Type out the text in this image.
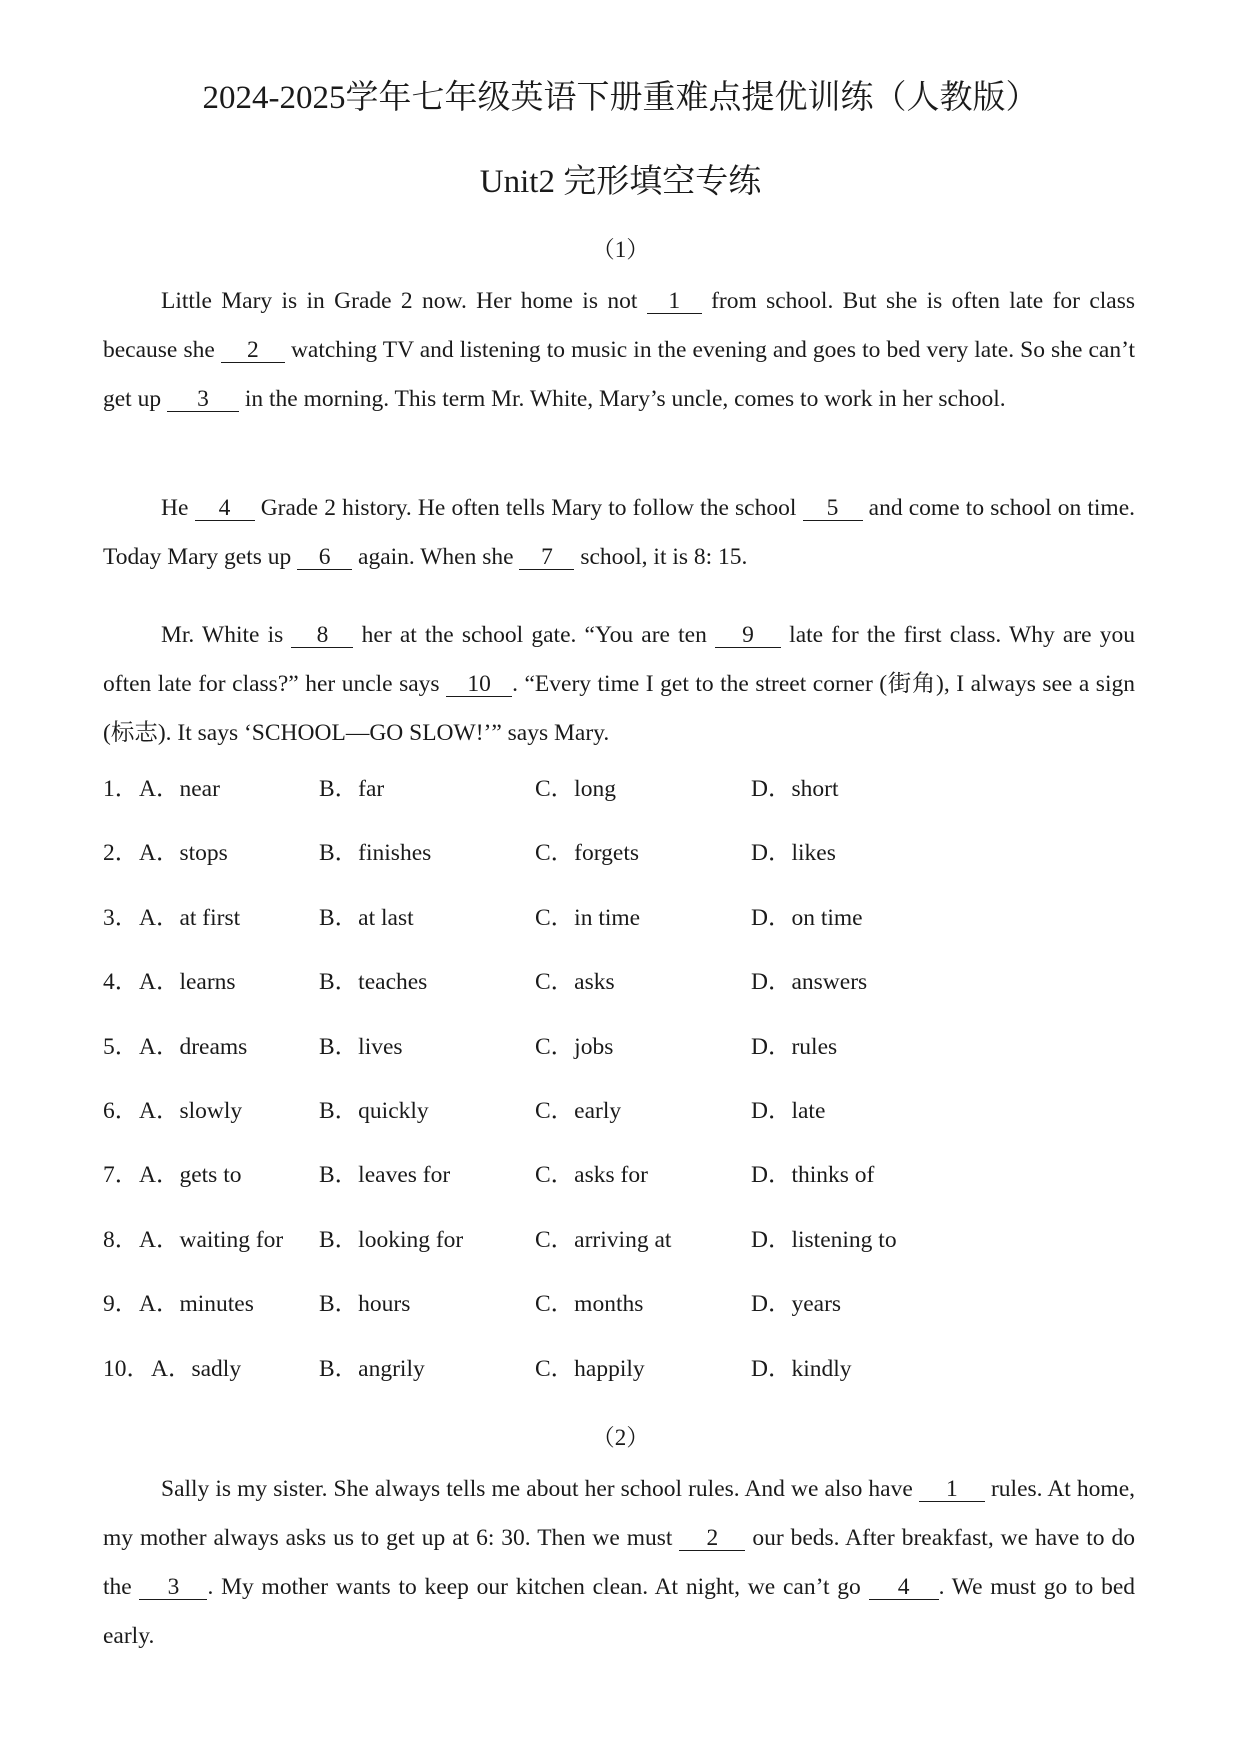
2024-2025学年七年级英语下册重难点提优训练（人教版）
Unit2 完形填空专练
（1）

Little Mary is in Grade 2 now. Her home is not 1 from school. But she is often late for class because she 2 watching TV and listening to music in the evening and goes to bed very late. So she can’t get up 3 in the morning. This term Mr. White, Mary’s uncle, comes to work in her school.

He 4 Grade 2 history. He often tells Mary to follow the school 5 and come to school on time. Today Mary gets up 6 again. When she 7 school, it is 8: 15.

Mr. White is 8 her at the school gate. “You are ten 9 late for the first class. Why are you often late for class?” her uncle says 10 . “Every time I get to the street corner (街角), I always see a sign (标志). It says ‘SCHOOL—GO SLOW!’” says Mary.

1． A．near	B．far	C．long	D．short
2． A．stops	B．finishes	C．forgets	D．likes
3． A．at first	B．at last	C．in time	D．on time
4． A．learns	B．teaches	C．asks	D．answers
5． A．dreams	B．lives	C．jobs	D．rules
6． A．slowly	B．quickly	C．early	D．late
7． A．gets to	B．leaves for	C．asks for	D．thinks of
8． A．waiting for B．looking for	C．arriving at	D．listening to
9． A．minutes	B．hours	C．months	D．years
10． A．sadly	B．angrily	C．happily	D．kindly
（2）

Sally is my sister. She always tells me about her school rules. And we also have 1 rules. At home, my mother always asks us to get up at 6: 30. Then we must 2 our beds. After breakfast, we have to do the 3 . My mother wants to keep our kitchen clean. At night, we can’t go 4 . We must go to bed early.
